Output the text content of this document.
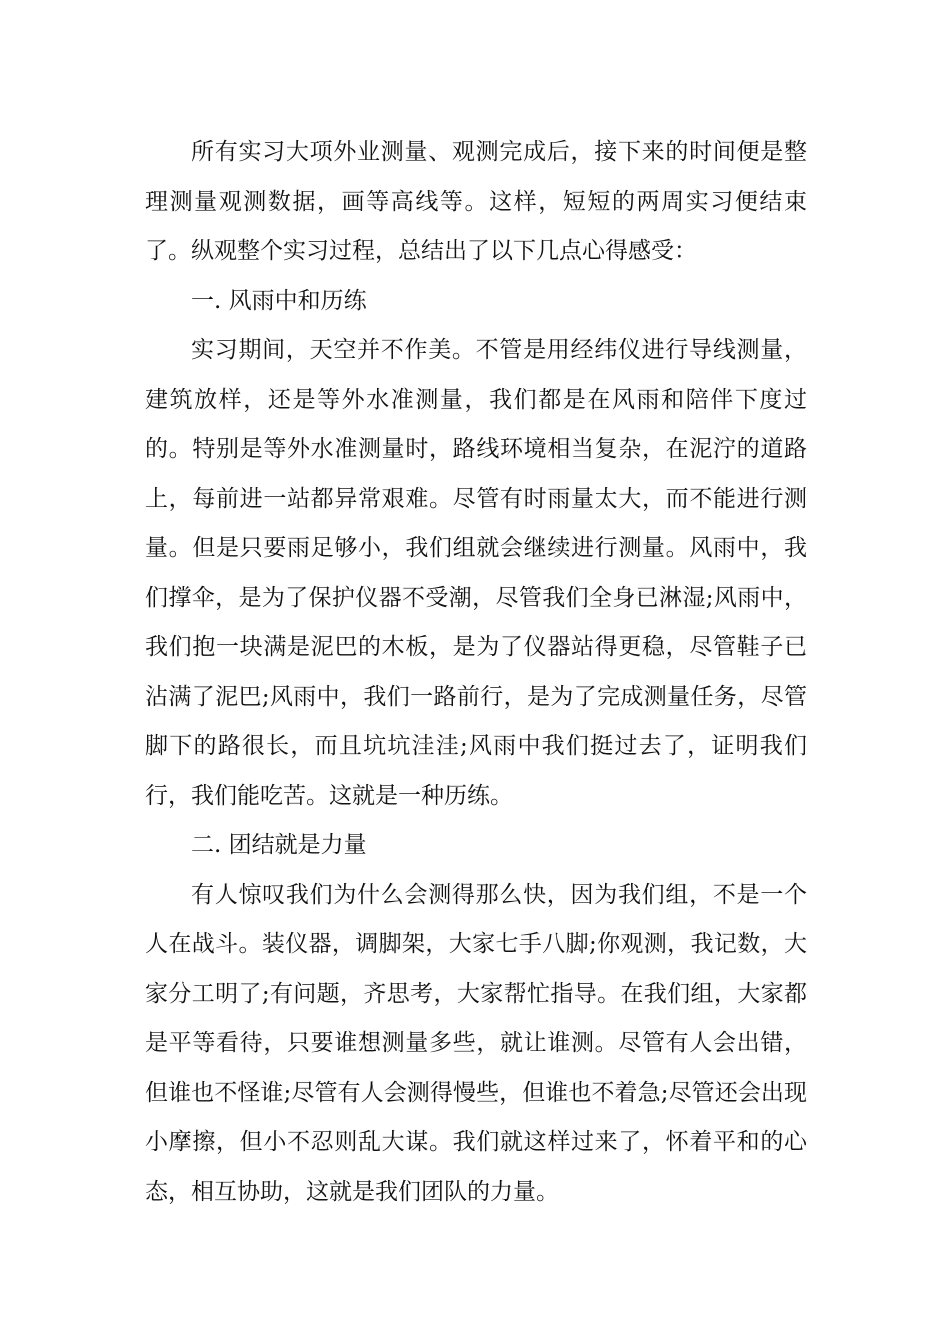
所有实习大项外业测量、观测完成后，接下来的时间便是整理测量观测数据，画等高线等。这样，短短的两周实习便结束了。纵观整个实习过程，总结出了以下几点心得感受：

一. 风雨中和历练

实习期间，天空并不作美。不管是用经纬仪进行导线测量，建筑放样，还是等外水准测量，我们都是在风雨和陪伴下度过的。特别是等外水准测量时，路线环境相当复杂，在泥泞的道路上，每前进一站都异常艰难。尽管有时雨量太大，而不能进行测量。但是只要雨足够小，我们组就会继续进行测量。风雨中，我们撑伞，是为了保护仪器不受潮，尽管我们全身已淋湿;风雨中，我们抱一块满是泥巴的木板，是为了仪器站得更稳，尽管鞋子已沾满了泥巴;风雨中，我们一路前行，是为了完成测量任务，尽管脚下的路很长，而且坑坑洼洼;风雨中我们挺过去了，证明我们行，我们能吃苦。这就是一种历练。

二. 团结就是力量

有人惊叹我们为什么会测得那么快，因为我们组，不是一个人在战斗。装仪器，调脚架，大家七手八脚;你观测，我记数，大家分工明了;有问题，齐思考，大家帮忙指导。在我们组，大家都是平等看待，只要谁想测量多些，就让谁测。尽管有人会出错，但谁也不怪谁;尽管有人会测得慢些，但谁也不着急;尽管还会出现小摩擦，但小不忍则乱大谋。我们就这样过来了，怀着平和的心态，相互协助，这就是我们团队的力量。
